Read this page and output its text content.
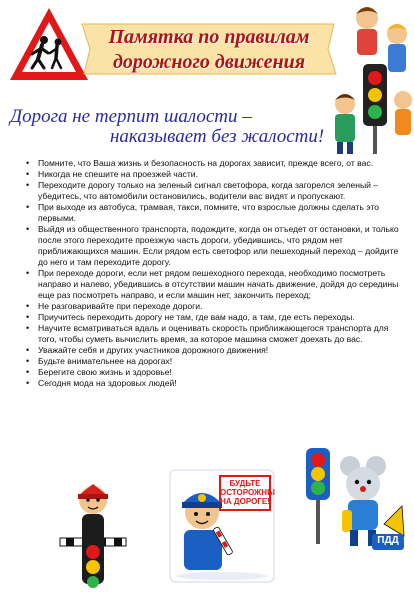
Памятка по правилам
дорожного движения
Дорога не терпит шалости –
наказывает без жалости!
• Помните, что Ваша жизнь и безопасность на дорогах зависит, прежде всего, от вас.
• Никогда не спешите на проезжей части.
• Переходите дорогу только на зеленый сигнал светофора, когда загорелся зеленый – убедитесь, что автомобили остановились, водители вас видят и пропускают.
• При выходе из автобуса, трамвая, такси, помните, что взрослые должны сделать это первыми.
• Выйдя из общественного транспорта, подождите, когда он отъедет от остановки, и только после этого переходите проезжую часть дороги, убедившись, что рядом нет приближающихся машин. Если рядом есть светофор или пешеходный переход – дойдите до него и там переходите дорогу.
• При переходе дороги, если нет рядом пешеходного перехода, необходимо посмотреть направо и налево, убедившись в отсутствии машин начать движение, дойдя до середины еще раз посмотреть направо, и если машин нет, закончить переход;
• Не разговаривайте при переходе дороги.
• Приучитесь переходить дорогу не там, где вам надо, а там, где есть переходы.
• Научите всматриваться вдаль и оценивать скорость приближающегося транспорта для того, чтобы суметь вычислить время, за которое машина сможет доехать до вас.
• Уважайте себя и других участников дорожного движения!
• Будьте внимательнее на дорогах!
• Берегите свою жизнь и здоровье!
• Сегодня мода на здоровых людей!
БУДЬТЕ
ОСТОРОЖНЫ
НА ДОРОГЕ!
ПДД
